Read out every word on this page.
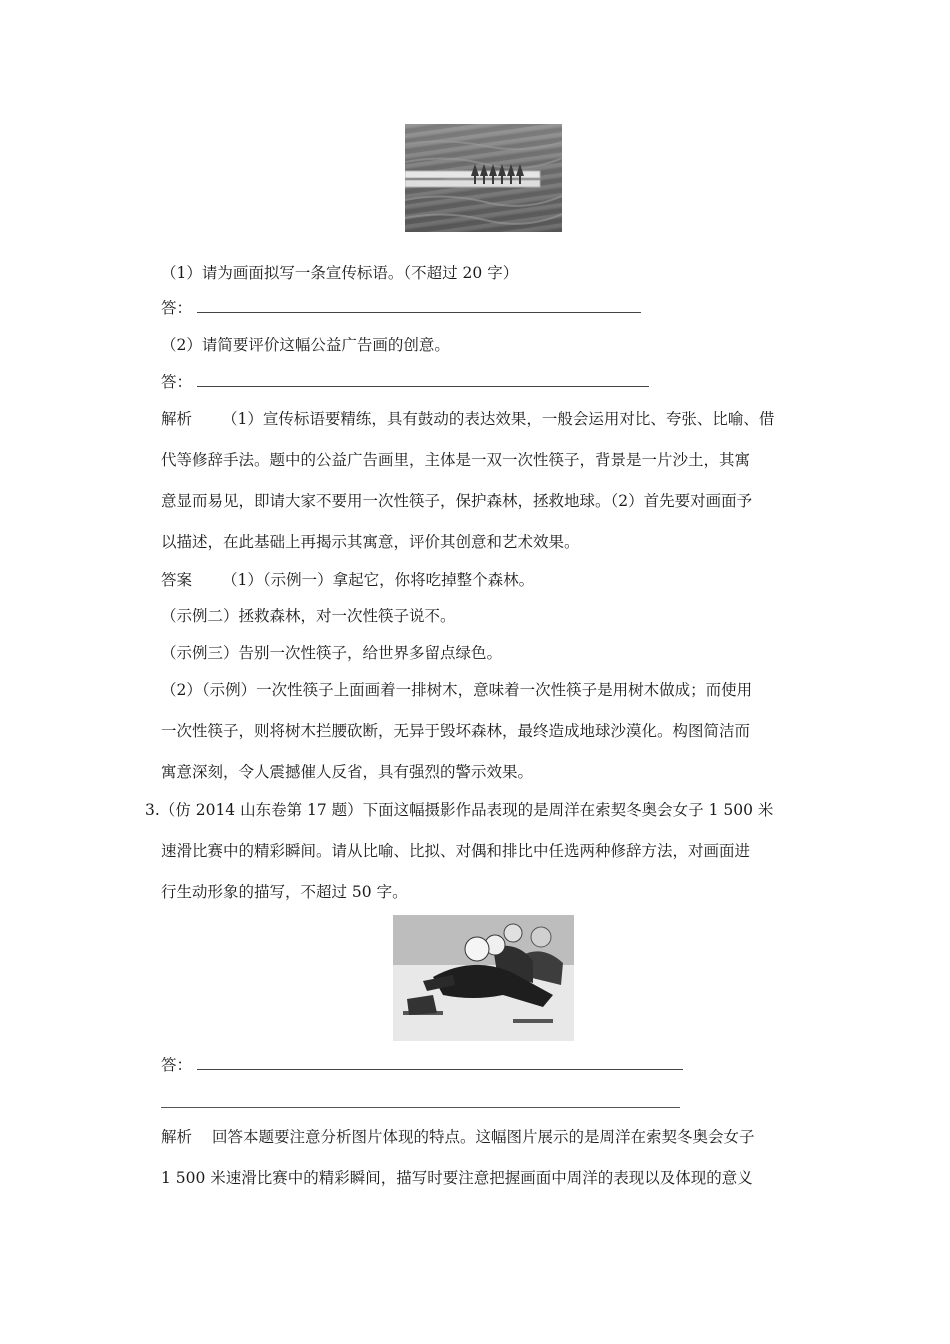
（1）请为画面拟写一条宣传标语。（不超过 20 字）
答：
（2）请简要评价这幅公益广告画的创意。
答：
解析 （1）宣传标语要精练，具有鼓动的表达效果，一般会运用对比、夸张、比喻、借
代等修辞手法。题中的公益广告画里，主体是一双一次性筷子，背景是一片沙土，其寓
意显而易见，即请大家不要用一次性筷子，保护森林，拯救地球。（2）首先要对画面予
以描述，在此基础上再揭示其寓意，评价其创意和艺术效果。
答案 （1）（示例一）拿起它，你将吃掉整个森林。
（示例二）拯救森林，对一次性筷子说不。
（示例三）告别一次性筷子，给世界多留点绿色。
（2）（示例）一次性筷子上面画着一排树木，意味着一次性筷子是用树木做成；而使用
一次性筷子，则将树木拦腰砍断，无异于毁坏森林，最终造成地球沙漠化。构图简洁而
寓意深刻，令人震撼催人反省，具有强烈的警示效果。
3.（仿 2014 山东卷第 17 题）下面这幅摄影作品表现的是周洋在索契冬奥会女子 1 500 米
速滑比赛中的精彩瞬间。请从比喻、比拟、对偶和排比中任选两种修辞方法，对画面进
行生动形象的描写，不超过 50 字。
答：
解析 回答本题要注意分析图片体现的特点。这幅图片展示的是周洋在索契冬奥会女子
1 500 米速滑比赛中的精彩瞬间，描写时要注意把握画面中周洋的表现以及体现的意义
